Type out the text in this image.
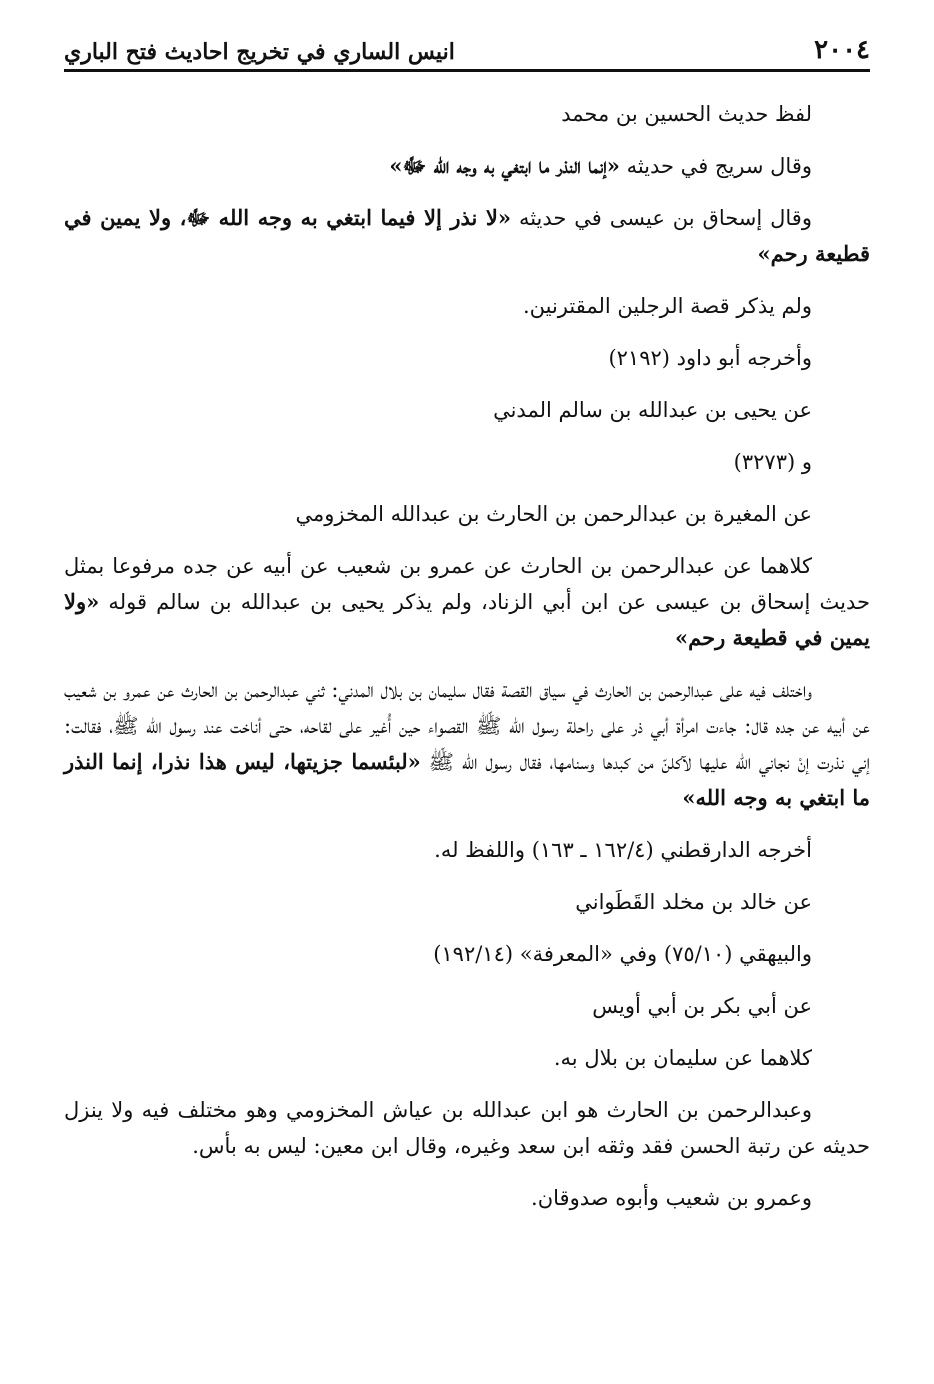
٢٠٠٤
انيس الساري في تخريج احاديث فتح الباري

لفظ حديث الحسين بن محمد

وقال سريج في حديثه «إنما النذر ما ابتغي به وجه الله ﷻ»

وقال إسحاق بن عيسى في حديثه «لا نذر إلا فيما ابتغي به وجه الله ﷻ، ولا يمين في قطيعة رحم»

ولم يذكر قصة الرجلين المقترنين.

وأخرجه أبو داود (٢١٩٢)

عن يحيى بن عبدالله بن سالم المدني

و (٣٢٧٣)

عن المغيرة بن عبدالرحمن بن الحارث بن عبدالله المخزومي

كلاهما عن عبدالرحمن بن الحارث عن عمرو بن شعيب عن أبيه عن جده مرفوعا بمثل حديث إسحاق بن عيسى عن ابن أبي الزناد، ولم يذكر يحيى بن عبدالله بن سالم قوله «ولا يمين في قطيعة رحم»

واختلف فيه على عبدالرحمن بن الحارث في سياق القصة فقال سليمان بن بلال المدني: ثني عبدالرحمن بن الحارث عن عمرو بن شعيب عن أبيه عن جده قال: جاءت امرأة أبي ذر على راحلة رسول الله ﷺ القصواء حين أُغير على لقاحه، حتى أناخت عند رسول الله ﷺ، فقالت: إني نذرت إنْ نجاني الله عليها لآكلنّ من كبدها وسنامها، فقال رسول الله ﷺ «لبئسما جزيتها، ليس هذا نذرا، إنما النذر ما ابتغي به وجه الله»

أخرجه الدارقطني (١٦٢/٤ ـ ١٦٣) واللفظ له.

عن خالد بن مخلد القَطَواني

والبيهقي (٧٥/١٠) وفي «المعرفة» (١٩٢/١٤)

عن أبي بكر بن أبي أويس

كلاهما عن سليمان بن بلال به.

وعبدالرحمن بن الحارث هو ابن عبدالله بن عياش المخزومي وهو مختلف فيه ولا ينزل حديثه عن رتبة الحسن فقد وثقه ابن سعد وغيره، وقال ابن معين: ليس به بأس.

وعمرو بن شعيب وأبوه صدوقان.
